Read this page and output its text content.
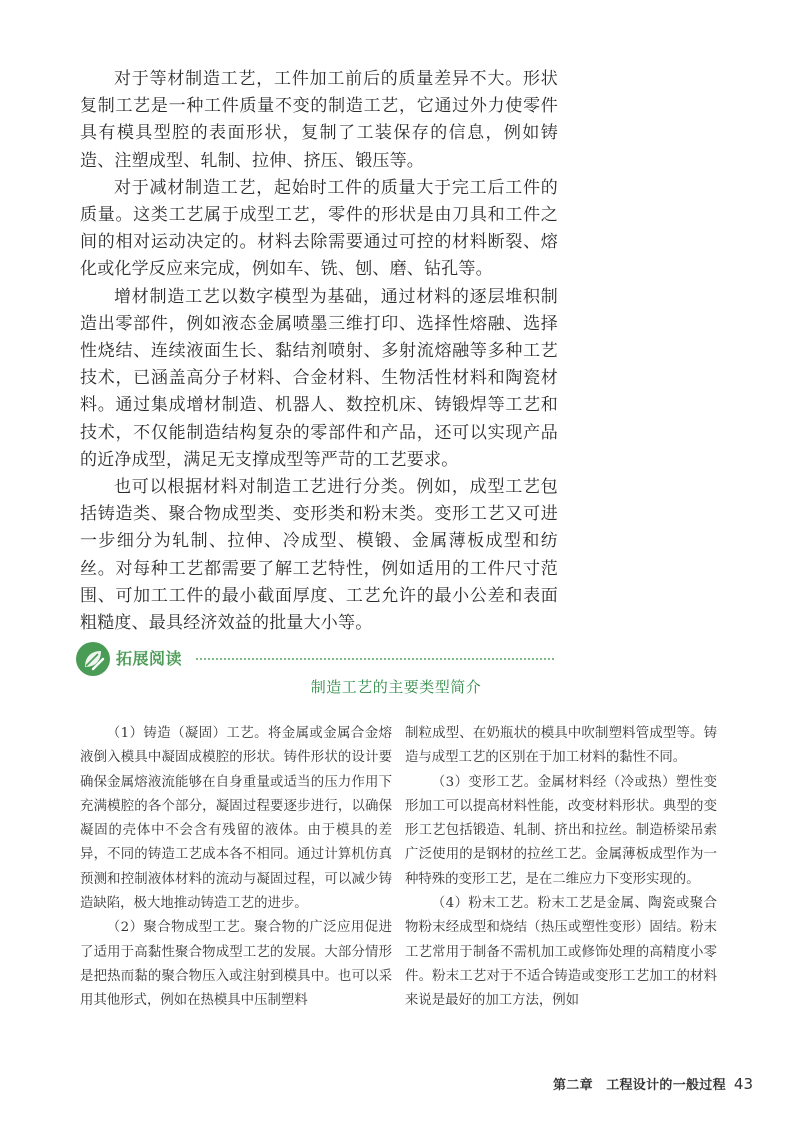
对于等材制造工艺，工件加工前后的质量差异不大。形状复制工艺是一种工件质量不变的制造工艺，它通过外力使零件具有模具型腔的表面形状，复制了工装保存的信息，例如铸造、注塑成型、轧制、拉伸、挤压、锻压等。

对于减材制造工艺，起始时工件的质量大于完工后工件的质量。这类工艺属于成型工艺，零件的形状是由刀具和工件之间的相对运动决定的。材料去除需要通过可控的材料断裂、熔化或化学反应来完成，例如车、铣、刨、磨、钻孔等。

增材制造工艺以数字模型为基础，通过材料的逐层堆积制造出零部件，例如液态金属喷墨三维打印、选择性熔融、选择性烧结、连续液面生长、黏结剂喷射、多射流熔融等多种工艺技术，已涵盖高分子材料、合金材料、生物活性材料和陶瓷材料。通过集成增材制造、机器人、数控机床、铸锻焊等工艺和技术，不仅能制造结构复杂的零部件和产品，还可以实现产品的近净成型，满足无支撑成型等严苛的工艺要求。

也可以根据材料对制造工艺进行分类。例如，成型工艺包括铸造类、聚合物成型类、变形类和粉末类。变形工艺又可进一步细分为轧制、拉伸、冷成型、模锻、金属薄板成型和纺丝。对每种工艺都需要了解工艺特性，例如适用的工件尺寸范围、可加工工件的最小截面厚度、工艺允许的最小公差和表面粗糙度、最具经济效益的批量大小等。

拓展阅读
制造工艺的主要类型简介

（1）铸造（凝固）工艺。将金属或金属合金熔液倒入模具中凝固成模腔的形状。铸件形状的设计要确保金属熔液流能够在自身重量或适当的压力作用下充满模腔的各个部分，凝固过程要逐步进行，以确保凝固的壳体中不会含有残留的液体。由于模具的差异，不同的铸造工艺成本各不相同。通过计算机仿真预测和控制液体材料的流动与凝固过程，可以减少铸造缺陷，极大地推动铸造工艺的进步。

（2）聚合物成型工艺。聚合物的广泛应用促进了适用于高黏性聚合物成型工艺的发展。大部分情形是把热而黏的聚合物压入或注射到模具中。也可以采用其他形式，例如在热模具中压制塑料

制粒成型、在奶瓶状的模具中吹制塑料管成型等。铸造与成型工艺的区别在于加工材料的黏性不同。

（3）变形工艺。金属材料经（冷或热）塑性变形加工可以提高材料性能，改变材料形状。典型的变形工艺包括锻造、轧制、挤出和拉丝。制造桥梁吊索广泛使用的是钢材的拉丝工艺。金属薄板成型作为一种特殊的变形工艺，是在二维应力下变形实现的。

（4）粉末工艺。粉末工艺是金属、陶瓷或聚合物粉末经成型和烧结（热压或塑性变形）固结。粉末工艺常用于制备不需机加工或修饰处理的高精度小零件。粉末工艺对于不适合铸造或变形工艺加工的材料来说是最好的加工方法，例如

第二章　工程设计的一般过程 43
